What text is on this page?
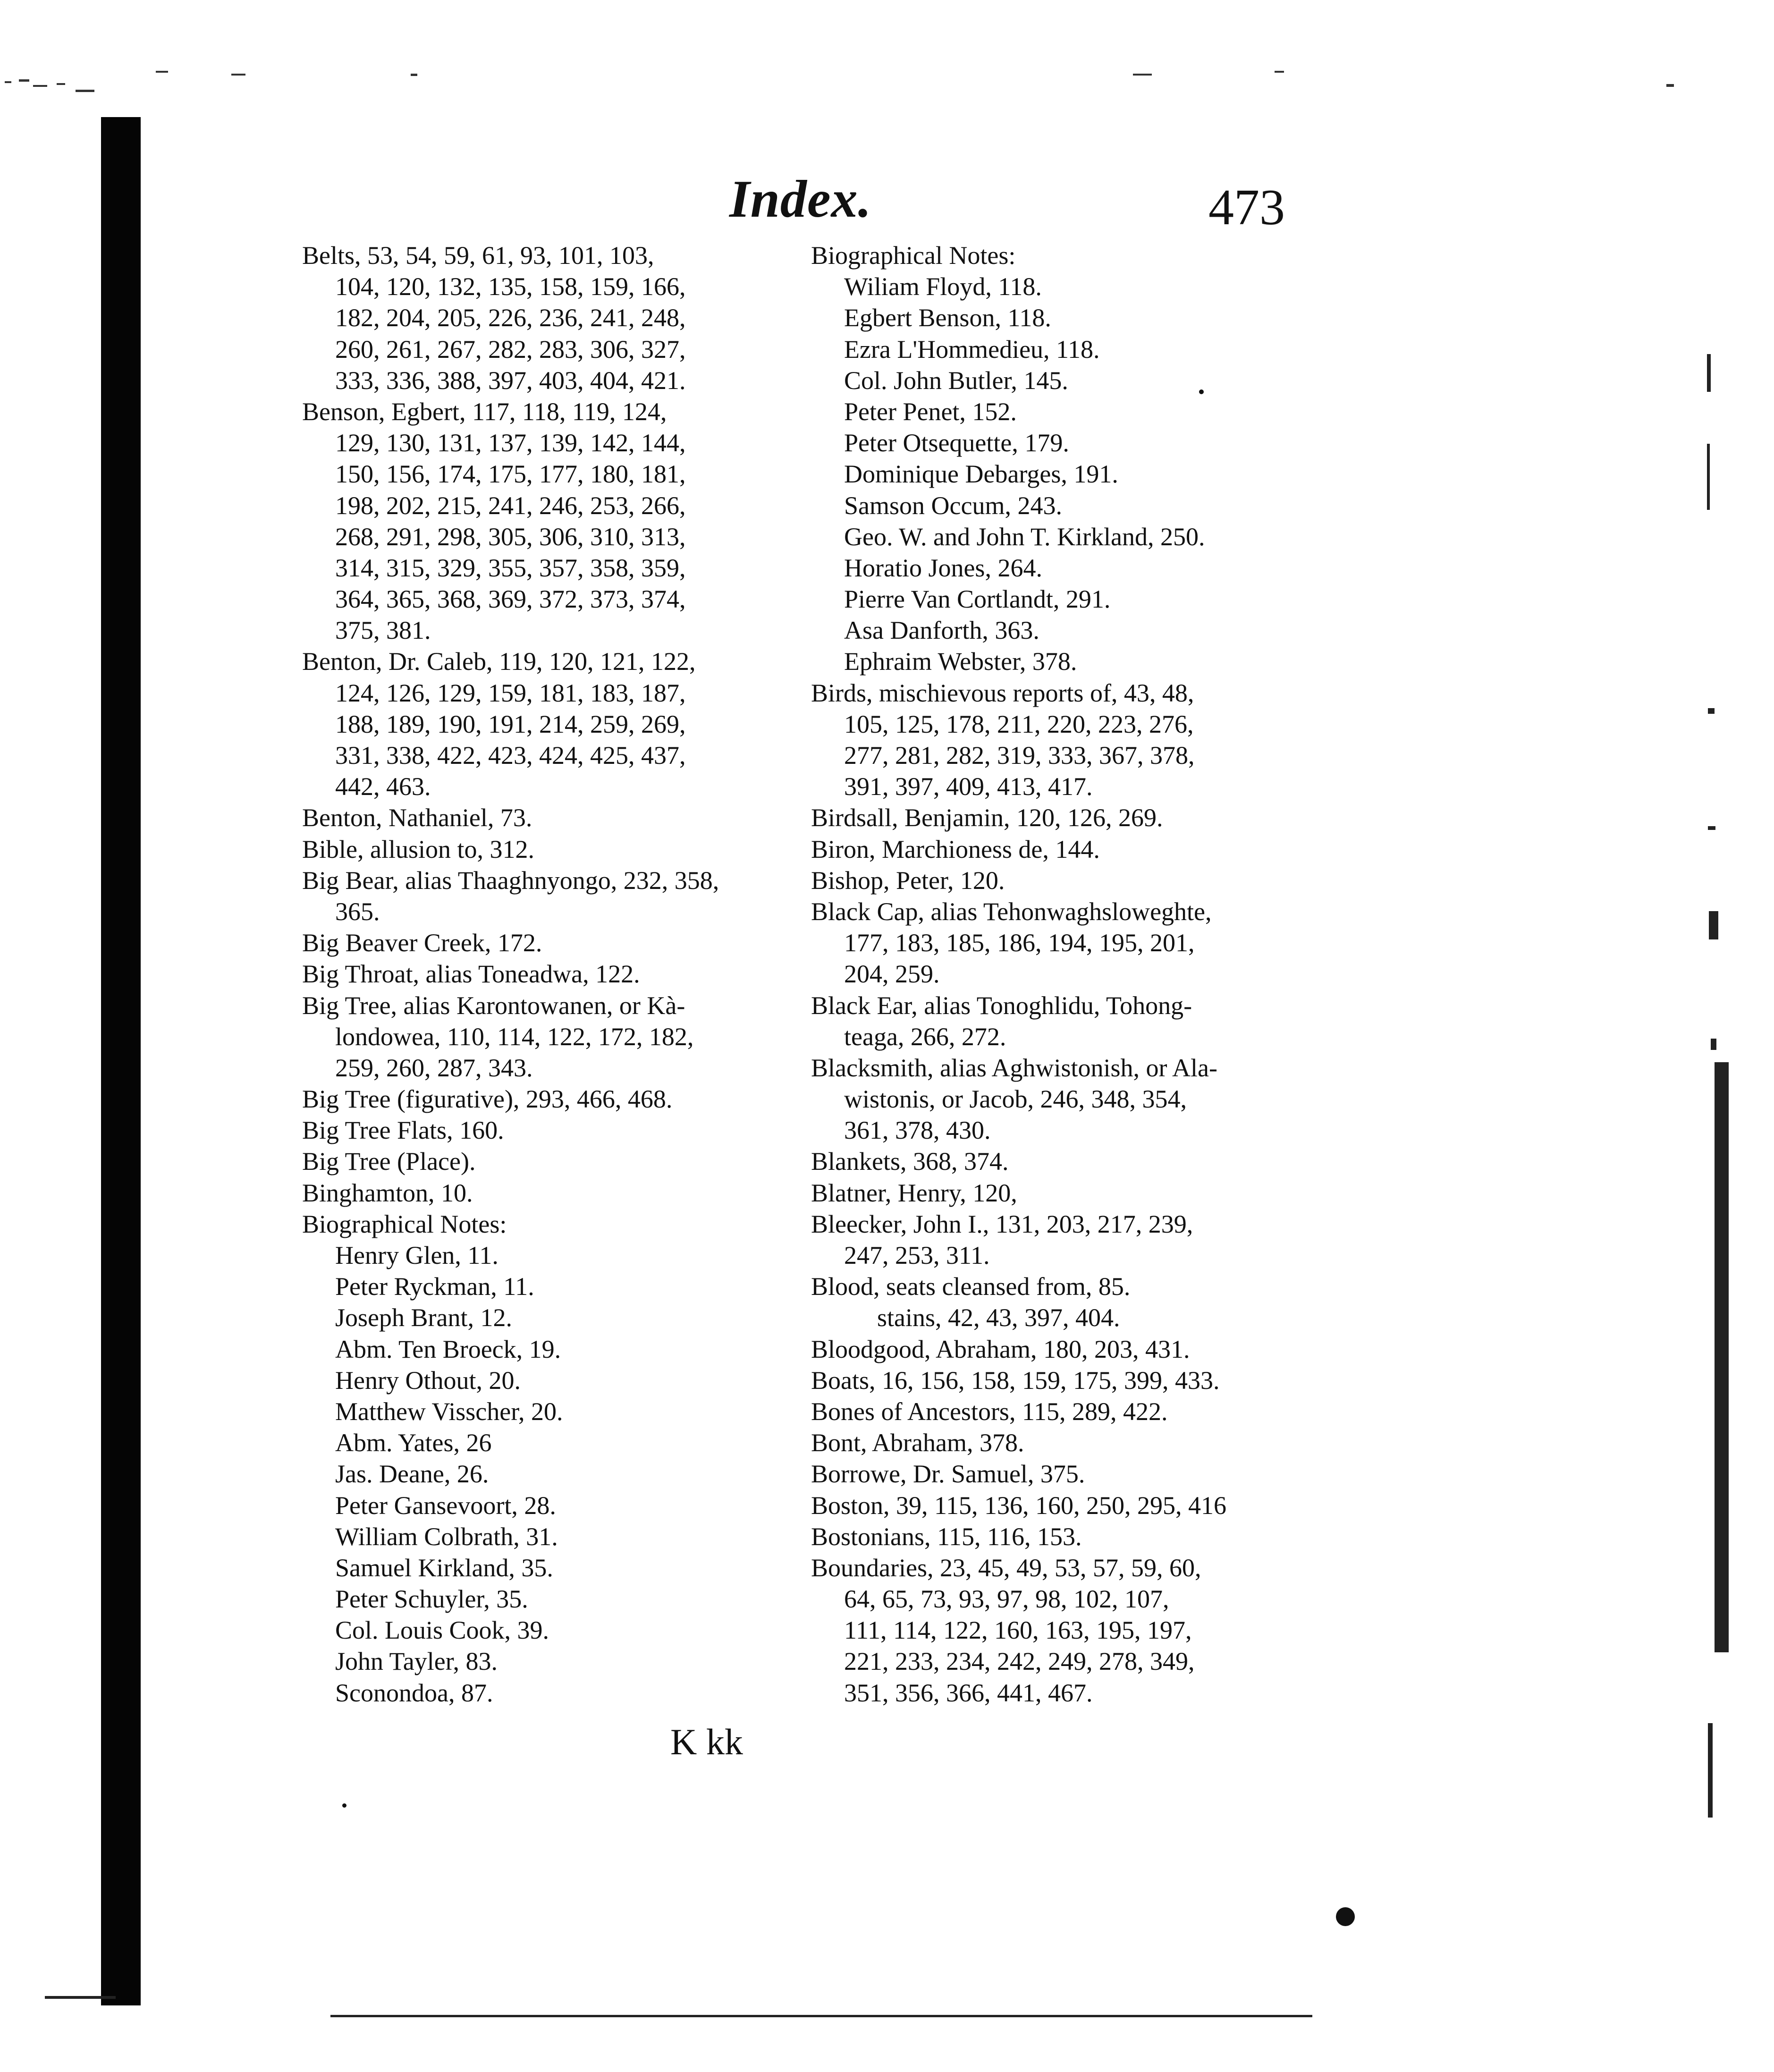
Index.	473
Belts, 53, 54, 59, 61, 93, 101, 103,
104, 120, 132, 135, 158, 159, 166,
182, 204, 205, 226, 236, 241, 248,
260, 261, 267, 282, 283, 306, 327,
333, 336, 388, 397, 403, 404, 421.
Benson, Egbert, 117, 118, 119, 124,
129, 130, 131, 137, 139, 142, 144,
150, 156, 174, 175, 177, 180, 181,
198, 202, 215, 241, 246, 253, 266,
268, 291, 298, 305, 306, 310, 313,
314, 315, 329, 355, 357, 358, 359,
364, 365, 368, 369, 372, 373, 374,
375, 381.
Benton, Dr. Caleb, 119, 120, 121, 122,
124, 126, 129, 159, 181, 183, 187,
188, 189, 190, 191, 214, 259, 269,
331, 338, 422, 423, 424, 425, 437,
442, 463.
Benton, Nathaniel, 73.
Bible, allusion to, 312.
Big Bear, alias Thaaghnyongo, 232, 358,
365.
Big Beaver Creek, 172.
Big Throat, alias Toneadwa, 122.
Big Tree, alias Karontowanen, or Kà-
londowea, 110, 114, 122, 172, 182,
259, 260, 287, 343.
Big Tree (figurative), 293, 466, 468.
Big Tree Flats, 160.
Big Tree (Place).
Binghamton, 10.
Biographical Notes:
Henry Glen, 11.
Peter Ryckman, 11.
Joseph Brant, 12.
Abm. Ten Broeck, 19.
Henry Othout, 20.
Matthew Visscher, 20.
Abm. Yates, 26
Jas. Deane, 26.
Peter Gansevoort, 28.
William Colbrath, 31.
Samuel Kirkland, 35.
Peter Schuyler, 35.
Col. Louis Cook, 39.
John Tayler, 83.
Sconondoa, 87.
Biographical Notes:
Wiliam Floyd, 118.
Egbert Benson, 118.
Ezra L'Hommedieu, 118.
Col. John Butler, 145.
Peter Penet, 152.
Peter Otsequette, 179.
Dominique Debarges, 191.
Samson Occum, 243.
Geo. W. and John T. Kirkland, 250.
Horatio Jones, 264.
Pierre Van Cortlandt, 291.
Asa Danforth, 363.
Ephraim Webster, 378.
Birds, mischievous reports of, 43, 48,
105, 125, 178, 211, 220, 223, 276,
277, 281, 282, 319, 333, 367, 378,
391, 397, 409, 413, 417.
Birdsall, Benjamin, 120, 126, 269.
Biron, Marchioness de, 144.
Bishop, Peter, 120.
Black Cap, alias Tehonwaghsloweghte,
177, 183, 185, 186, 194, 195, 201,
204, 259.
Black Ear, alias Tonoghlidu, Tohong-
teaga, 266, 272.
Blacksmith, alias Aghwistonish, or Ala-
wistonis, or Jacob, 246, 348, 354,
361, 378, 430.
Blankets, 368, 374.
Blatner, Henry, 120,
Bleecker, John I., 131, 203, 217, 239,
247, 253, 311.
Blood, seats cleansed from, 85.
stains, 42, 43, 397, 404.
Bloodgood, Abraham, 180, 203, 431.
Boats, 16, 156, 158, 159, 175, 399, 433.
Bones of Ancestors, 115, 289, 422.
Bont, Abraham, 378.
Borrowe, Dr. Samuel, 375.
Boston, 39, 115, 136, 160, 250, 295, 416
Bostonians, 115, 116, 153.
Boundaries, 23, 45, 49, 53, 57, 59, 60,
64, 65, 73, 93, 97, 98, 102, 107,
111, 114, 122, 160, 163, 195, 197,
221, 233, 234, 242, 249, 278, 349,
351, 356, 366, 441, 467.
K kk
